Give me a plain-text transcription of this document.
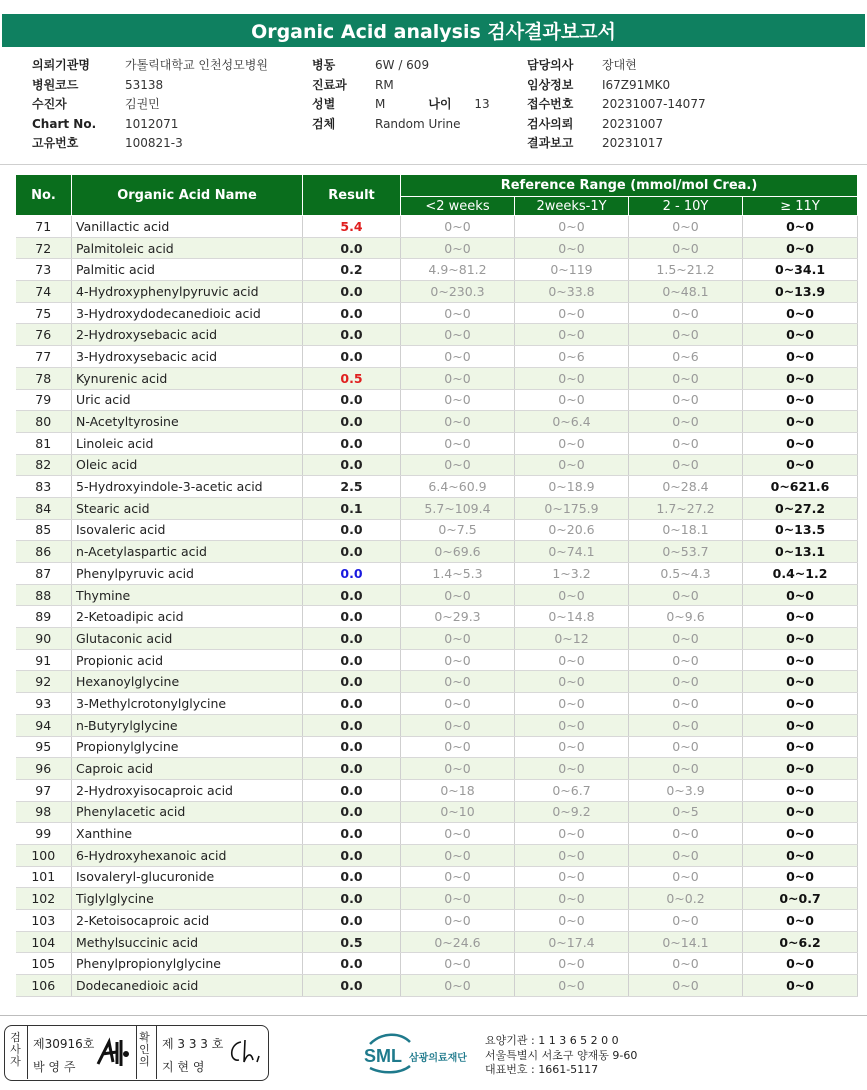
Organic Acid analysis 검사결과보고서
의뢰기관명	가톨릭대학교 인천성모병원
병원코드	53138
수진자	김권민
Chart No.	1012071
고유번호	100821-3
병동	6W / 609
진료과	RM
성별	M	나이	13
검체	Random Urine
담당의사	장대현
임상정보	I67Z91MK0
접수번호	20231007-14077
검사의뢰	20231007
결과보고	20231017
No.	Organic Acid Name	Result	Reference Range (mmol/mol Crea.)			
			<2 weeks	2weeks-1Y	2 - 10Y	≥ 11Y
71	Vanillactic acid	5.4	0~0	0~0	0~0	0~0
72	Palmitoleic acid	0.0	0~0	0~0	0~0	0~0
73	Palmitic acid	0.2	4.9~81.2	0~119	1.5~21.2	0~34.1
74	4-Hydroxyphenylpyruvic acid	0.0	0~230.3	0~33.8	0~48.1	0~13.9
75	3-Hydroxydodecanedioic acid	0.0	0~0	0~0	0~0	0~0
76	2-Hydroxysebacic acid	0.0	0~0	0~0	0~0	0~0
77	3-Hydroxysebacic acid	0.0	0~0	0~6	0~6	0~0
78	Kynurenic acid	0.5	0~0	0~0	0~0	0~0
79	Uric acid	0.0	0~0	0~0	0~0	0~0
80	N-Acetyltyrosine	0.0	0~0	0~6.4	0~0	0~0
81	Linoleic acid	0.0	0~0	0~0	0~0	0~0
82	Oleic acid	0.0	0~0	0~0	0~0	0~0
83	5-Hydroxyindole-3-acetic acid	2.5	6.4~60.9	0~18.9	0~28.4	0~621.6
84	Stearic acid	0.1	5.7~109.4	0~175.9	1.7~27.2	0~27.2
85	Isovaleric acid	0.0	0~7.5	0~20.6	0~18.1	0~13.5
86	n-Acetylaspartic acid	0.0	0~69.6	0~74.1	0~53.7	0~13.1
87	Phenylpyruvic acid	0.0	1.4~5.3	1~3.2	0.5~4.3	0.4~1.2
88	Thymine	0.0	0~0	0~0	0~0	0~0
89	2-Ketoadipic acid	0.0	0~29.3	0~14.8	0~9.6	0~0
90	Glutaconic acid	0.0	0~0	0~12	0~0	0~0
91	Propionic acid	0.0	0~0	0~0	0~0	0~0
92	Hexanoylglycine	0.0	0~0	0~0	0~0	0~0
93	3-Methylcrotonylglycine	0.0	0~0	0~0	0~0	0~0
94	n-Butyrylglycine	0.0	0~0	0~0	0~0	0~0
95	Propionylglycine	0.0	0~0	0~0	0~0	0~0
96	Caproic acid	0.0	0~0	0~0	0~0	0~0
97	2-Hydroxyisocaproic acid	0.0	0~18	0~6.7	0~3.9	0~0
98	Phenylacetic acid	0.0	0~10	0~9.2	0~5	0~0
99	Xanthine	0.0	0~0	0~0	0~0	0~0
100	6-Hydroxyhexanoic acid	0.0	0~0	0~0	0~0	0~0
101	Isovaleryl-glucuronide	0.0	0~0	0~0	0~0	0~0
102	Tiglylglycine	0.0	0~0	0~0	0~0.2	0~0.7
103	2-Ketoisocaproic acid	0.0	0~0	0~0	0~0	0~0
104	Methylsuccinic acid	0.5	0~24.6	0~17.4	0~14.1	0~6.2
105	Phenylpropionylglycine	0.0	0~0	0~0	0~0	0~0
106	Dodecanedioic acid	0.0	0~0	0~0	0~0	0~0
검사자
제30916호
박 영 주
확인의
제 3 3 3 호
지 현 영
SML 삼광의료재단
요양기관 : 1 1 3 6 5 2 0 0
서울특별시 서초구 양재동 9-60
대표번호 : 1661-5117
